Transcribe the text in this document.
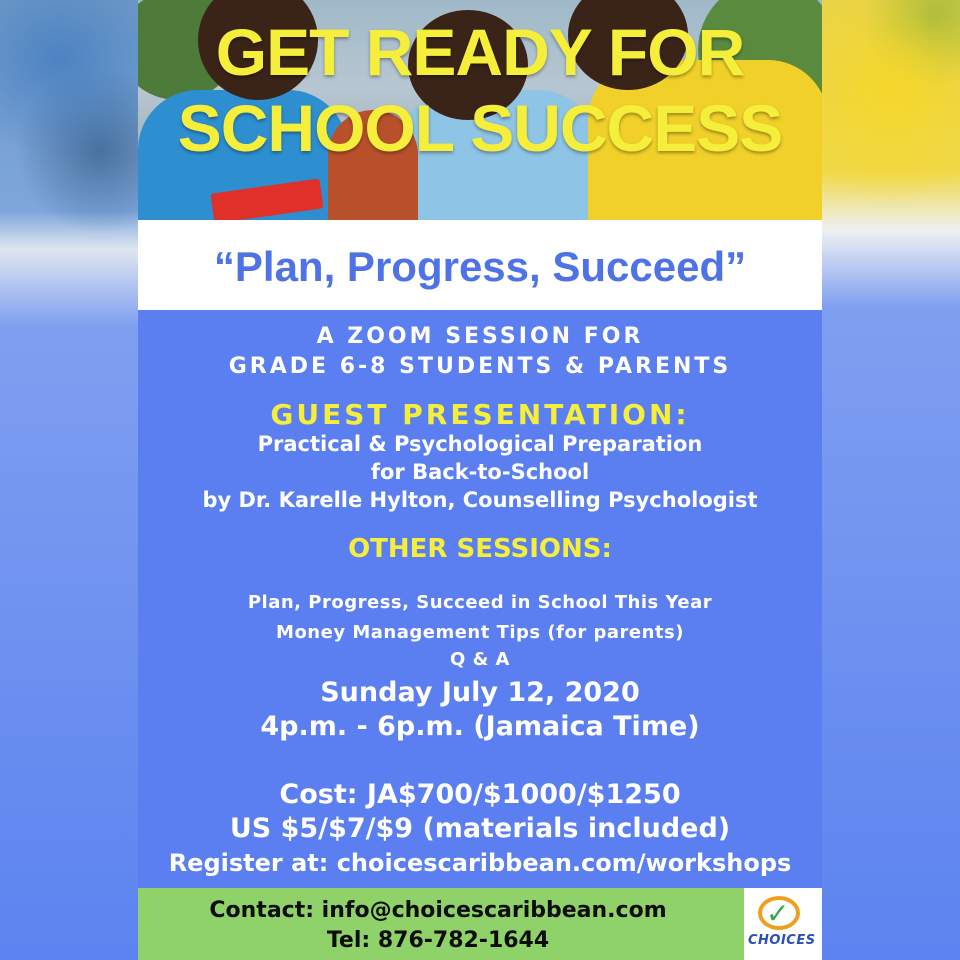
GET READY FOR
SCHOOL SUCCESS
“Plan, Progress, Succeed”
A ZOOM SESSION FOR
GRADE 6-8 STUDENTS & PARENTS
GUEST PRESENTATION:
Practical & Psychological Preparation
for Back-to-School
by Dr. Karelle Hylton, Counselling Psychologist
OTHER SESSIONS:
Plan, Progress, Succeed in School This Year
Money Management Tips (for parents)
Q & A
Sunday July 12, 2020
4p.m. - 6p.m. (Jamaica Time)
Cost: JA$700/$1000/$1250
US $5/$7/$9 (materials included)
Register at: choicescaribbean.com/workshops
Contact: info@choicescaribbean.com
Tel: 876-782-1644
✓
CHOICES
